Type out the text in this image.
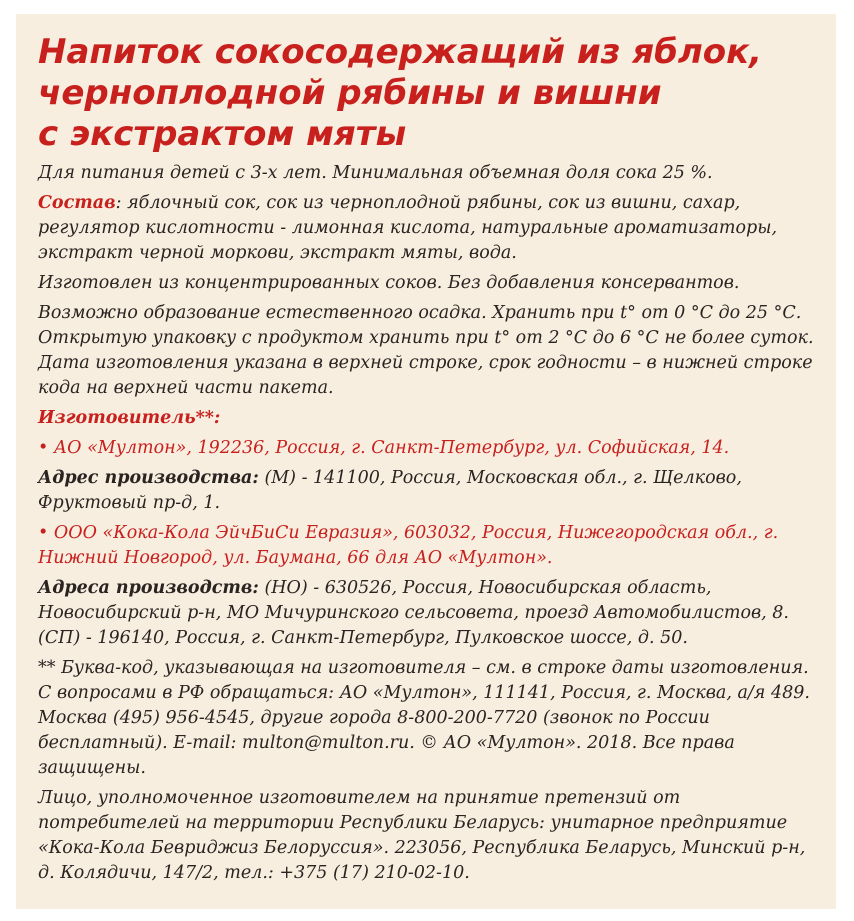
Напиток сокосодержащий из яблок,
черноплодной рябины и вишни
с экстрактом мяты

Для питания детей с 3-х лет. Минимальная объемная доля сока 25 %.

Состав: яблочный сок, сок из черноплодной рябины, сок из вишни, сахар, регулятор кислотности - лимонная кислота, натуральные ароматизаторы, экстракт черной моркови, экстракт мяты, вода.

Изготовлен из концентрированных соков. Без добавления консервантов.

Возможно образование естественного осадка. Хранить при t° от 0 °С до 25 °С. Открытую упаковку с продуктом хранить при t° от 2 °С до 6 °С не более суток. Дата изготовления указана в верхней строке, срок годности – в нижней строке кода на верхней части пакета.

Изготовитель**:

• АО «Мултон», 192236, Россия, г. Санкт-Петербург, ул. Софийская, 14.

Адрес производства: (М) - 141100, Россия, Московская обл., г. Щелково, Фруктовый пр-д, 1.

• ООО «Кока-Кола ЭйчБиСи Евразия», 603032, Россия, Нижегородская обл., г. Нижний Новгород, ул. Баумана, 66 для АО «Мултон».

Адреса производств: (НО) - 630526, Россия, Новосибирская область, Новосибирский р-н, МО Мичуринского сельсовета, проезд Автомобилистов, 8. (СП) - 196140, Россия, г. Санкт-Петербург, Пулковское шоссе, д. 50.

** Буква-код, указывающая на изготовителя – см. в строке даты изготовления. С вопросами в РФ обращаться: АО «Мултон», 111141, Россия, г. Москва, а/я 489. Москва (495) 956-4545, другие города 8-800-200-7720 (звонок по России бесплатный). E-mail: multon@multon.ru. © АО «Мултон». 2018. Все права защищены.

Лицо, уполномоченное изготовителем на принятие претензий от потребителей на территории Республики Беларусь: унитарное предприятие «Кока-Кола Бевриджиз Белоруссия». 223056, Республика Беларусь, Минский р-н, д. Колядичи, 147/2, тел.: +375 (17) 210-02-10.
